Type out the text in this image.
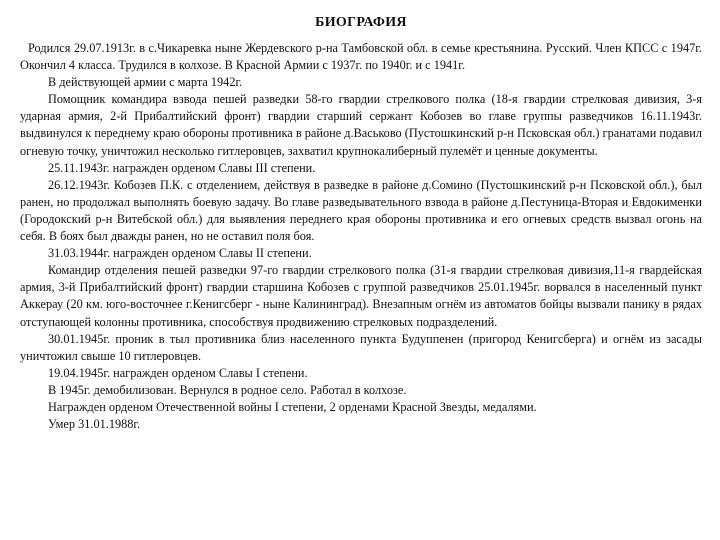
БИОГРАФИЯ

Родился 29.07.1913г. в с.Чикаревка ныне Жердевского р-на Тамбовской обл. в семье крестьянина. Русский. Член КПСС с 1947г. Окончил 4 класса. Трудился в колхозе. В Красной Армии с 1937г. по 1940г. и с 1941г.

В действующей армии с марта 1942г.

Помощник командира взвода пешей разведки 58-го гвардии стрелкового полка (18-я гвардии стрелковая дивизия, 3-я ударная армия, 2-й Прибалтийский фронт) гвардии старший сержант Кобозев во главе группы разведчиков 16.11.1943г. выдвинулся к переднему краю обороны противника в районе д.Васьково (Пустошкинский р-н Псковская обл.) гранатами подавил огневую точку, уничтожил несколько гитлеровцев, захватил крупнокалиберный пулемёт и ценные документы.

25.11.1943г. награжден орденом Славы III степени.

26.12.1943г. Кобозев П.К. с отделением, действуя в разведке в районе д.Сомино (Пустошкинский р-н Псковской обл.), был ранен, но продолжал выполнять боевую задачу. Во главе разведывательного взвода в районе д.Пестуница-Вторая и Евдокименки (Городокский р-н Витебской обл.) для выявления переднего края обороны противника и его огневых средств вызвал огонь на себя. В боях был дважды ранен, но не оставил поля боя.

31.03.1944г. награжден орденом Славы II степени.

Командир отделения пешей разведки 97-го гвардии стрелкового полка (31-я гвардии стрелковая дивизия,11-я гвардейская армия, 3-й Прибалтийский фронт) гвардии старшина Кобозев с группой разведчиков 25.01.1945г. ворвался в населенный пункт Аккерау (20 км. юго-восточнее г.Кенигсберг - ныне Калининград). Внезапным огнём из автоматов бойцы вызвали панику в рядах отступающей колонны противника, способствуя продвижению стрелковых подразделений.

30.01.1945г. проник в тыл противника близ населенного пункта Будуппенен (пригород Кенигсберга) и огнём из засады уничтожил свыше 10 гитлеровцев.

19.04.1945г. награжден орденом Славы I степени.

В 1945г. демобилизован. Вернулся в родное село. Работал в колхозе.

Награжден орденом Отечественной войны I степени, 2 орденами Красной Звезды, медалями.

Умер 31.01.1988г.
